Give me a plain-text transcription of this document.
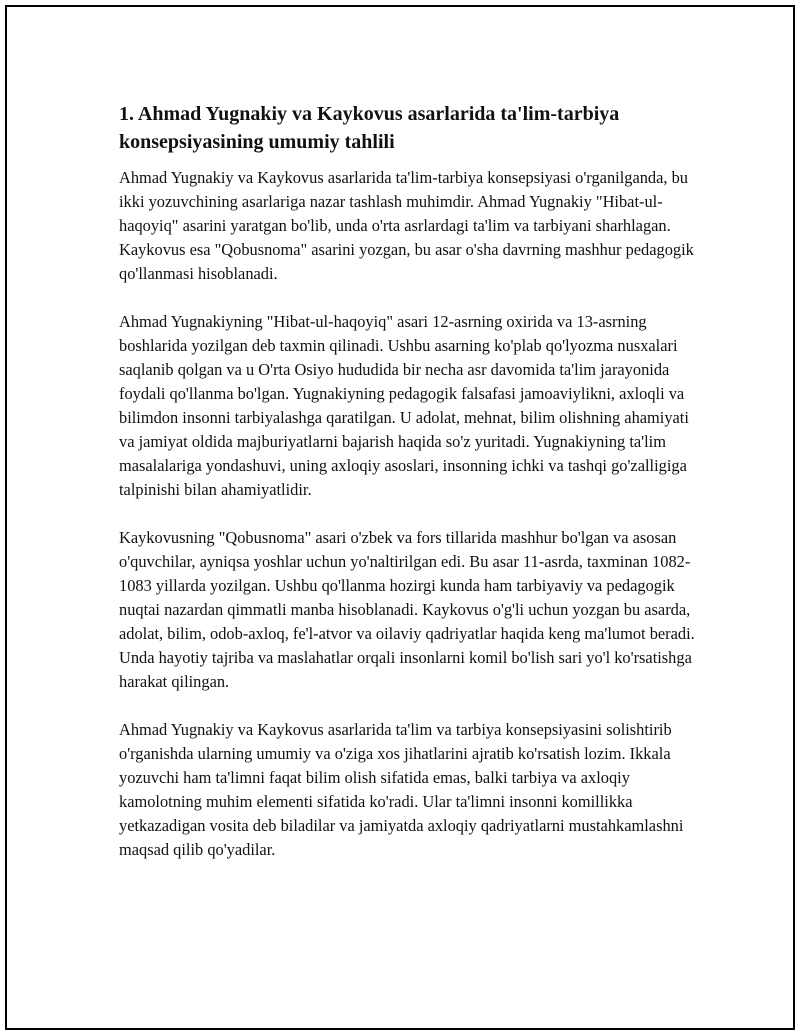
1. Ahmad Yugnakiy va Kaykovus asarlarida ta'lim-tarbiya konsepsiyasining umumiy tahlili

Ahmad Yugnakiy va Kaykovus asarlarida ta'lim-tarbiya konsepsiyasi o'rganilganda, bu ikki yozuvchining asarlariga nazar tashlash muhimdir. Ahmad Yugnakiy "Hibat-ul-haqoyiq" asarini yaratgan bo'lib, unda o'rta asrlardagi ta'lim va tarbiyani sharhlagan. Kaykovus esa "Qobusnoma" asarini yozgan, bu asar o'sha davrning mashhur pedagogik qo'llanmasi hisoblanadi.

Ahmad Yugnakiyning "Hibat-ul-haqoyiq" asari 12-asrning oxirida va 13-asrning boshlarida yozilgan deb taxmin qilinadi. Ushbu asarning ko'plab qo'lyozma nusxalari saqlanib qolgan va u O'rta Osiyo hududida bir necha asr davomida ta'lim jarayonida foydali qo'llanma bo'lgan. Yugnakiyning pedagogik falsafasi jamoaviylikni, axloqli va bilimdon insonni tarbiyalashga qaratilgan. U adolat, mehnat, bilim olishning ahamiyati va jamiyat oldida majburiyatlarni bajarish haqida so'z yuritadi. Yugnakiyning ta'lim masalalariga yondashuvi, uning axloqiy asoslari, insonning ichki va tashqi go'zalligiga talpinishi bilan ahamiyatlidir.

Kaykovusning "Qobusnoma" asari o'zbek va fors tillarida mashhur bo'lgan va asosan o'quvchilar, ayniqsa yoshlar uchun yo'naltirilgan edi. Bu asar 11-asrda, taxminan 1082-1083 yillarda yozilgan. Ushbu qo'llanma hozirgi kunda ham tarbiyaviy va pedagogik nuqtai nazardan qimmatli manba hisoblanadi. Kaykovus o'g'li uchun yozgan bu asarda, adolat, bilim, odob-axloq, fe'l-atvor va oilaviy qadriyatlar haqida keng ma'lumot beradi. Unda hayotiy tajriba va maslahatlar orqali insonlarni komil bo'lish sari yo'l ko'rsatishga harakat qilingan.

Ahmad Yugnakiy va Kaykovus asarlarida ta'lim va tarbiya konsepsiyasini solishtirib o'rganishda ularning umumiy va o'ziga xos jihatlarini ajratib ko'rsatish lozim. Ikkala yozuvchi ham ta'limni faqat bilim olish sifatida emas, balki tarbiya va axloqiy kamolotning muhim elementi sifatida ko'radi. Ular ta'limni insonni komillikka yetkazadigan vosita deb biladilar va jamiyatda axloqiy qadriyatlarni mustahkamlashni maqsad qilib qo'yadilar.
